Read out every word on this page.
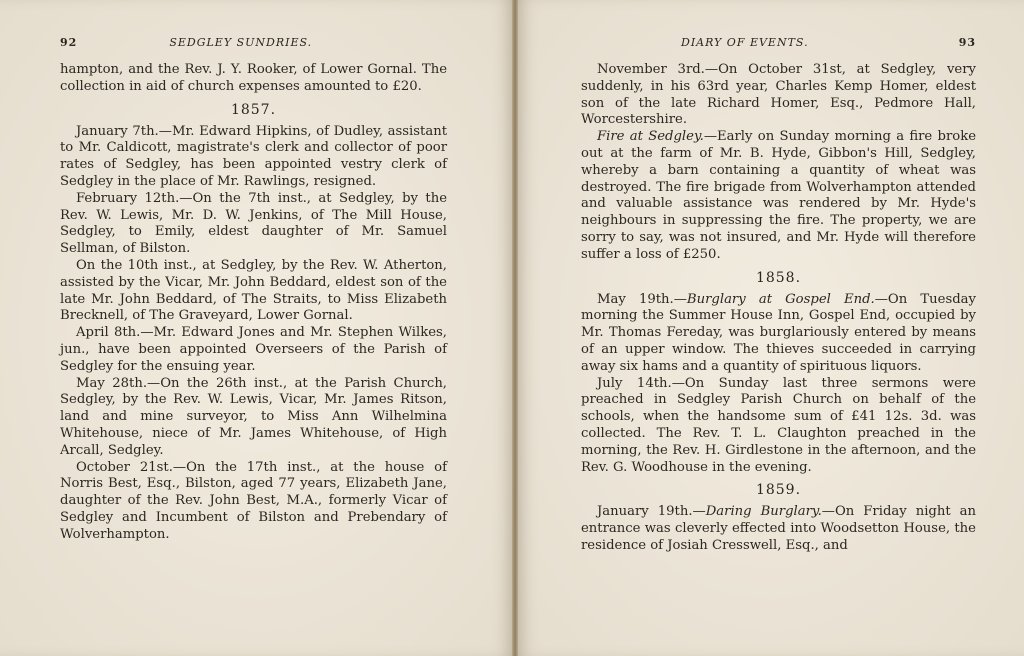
92	SEDGLEY SUNDRIES.

hampton, and the Rev. J. Y. Rooker, of Lower Gornal. The collection in aid of church expenses amounted to £20.

1857.

January 7th.—Mr. Edward Hipkins, of Dudley, assistant to Mr. Caldicott, magistrate's clerk and collector of poor rates of Sedgley, has been appointed vestry clerk of Sedgley in the place of Mr. Rawlings, resigned.

February 12th.—On the 7th inst., at Sedgley, by the Rev. W. Lewis, Mr. D. W. Jenkins, of The Mill House, Sedgley, to Emily, eldest daughter of Mr. Samuel Sellman, of Bilston.

On the 10th inst., at Sedgley, by the Rev. W. Atherton, assisted by the Vicar, Mr. John Beddard, eldest son of the late Mr. John Beddard, of The Straits, to Miss Elizabeth Brecknell, of The Graveyard, Lower Gornal.

April 8th.—Mr. Edward Jones and Mr. Stephen Wilkes, jun., have been appointed Overseers of the Parish of Sedgley for the ensuing year.

May 28th.—On the 26th inst., at the Parish Church, Sedgley, by the Rev. W. Lewis, Vicar, Mr. James Ritson, land and mine surveyor, to Miss Ann Wilhelmina Whitehouse, niece of Mr. James Whitehouse, of High Arcall, Sedgley.

October 21st.—On the 17th inst., at the house of Norris Best, Esq., Bilston, aged 77 years, Elizabeth Jane, daughter of the Rev. John Best, M.A., formerly Vicar of Sedgley and Incumbent of Bilston and Prebendary of Wolverhampton.

DIARY OF EVENTS.	93

November 3rd.—On October 31st, at Sedgley, very suddenly, in his 63rd year, Charles Kemp Homer, eldest son of the late Richard Homer, Esq., Pedmore Hall, Worcestershire.

Fire at Sedgley.—Early on Sunday morning a fire broke out at the farm of Mr. B. Hyde, Gibbon's Hill, Sedgley, whereby a barn containing a quantity of wheat was destroyed. The fire brigade from Wolverhampton attended and valuable assistance was rendered by Mr. Hyde's neighbours in suppressing the fire. The property, we are sorry to say, was not insured, and Mr. Hyde will therefore suffer a loss of £250.

1858.

May 19th.—Burglary at Gospel End.—On Tuesday morning the Summer House Inn, Gospel End, occupied by Mr. Thomas Fereday, was burglariously entered by means of an upper window. The thieves succeeded in carrying away six hams and a quantity of spirituous liquors.

July 14th.—On Sunday last three sermons were preached in Sedgley Parish Church on behalf of the schools, when the handsome sum of £41 12s. 3d. was collected. The Rev. T. L. Claughton preached in the morning, the Rev. H. Girdlestone in the afternoon, and the Rev. G. Woodhouse in the evening.

1859.

January 19th.—Daring Burglary.—On Friday night an entrance was cleverly effected into Woodsetton House, the residence of Josiah Cresswell, Esq., and
